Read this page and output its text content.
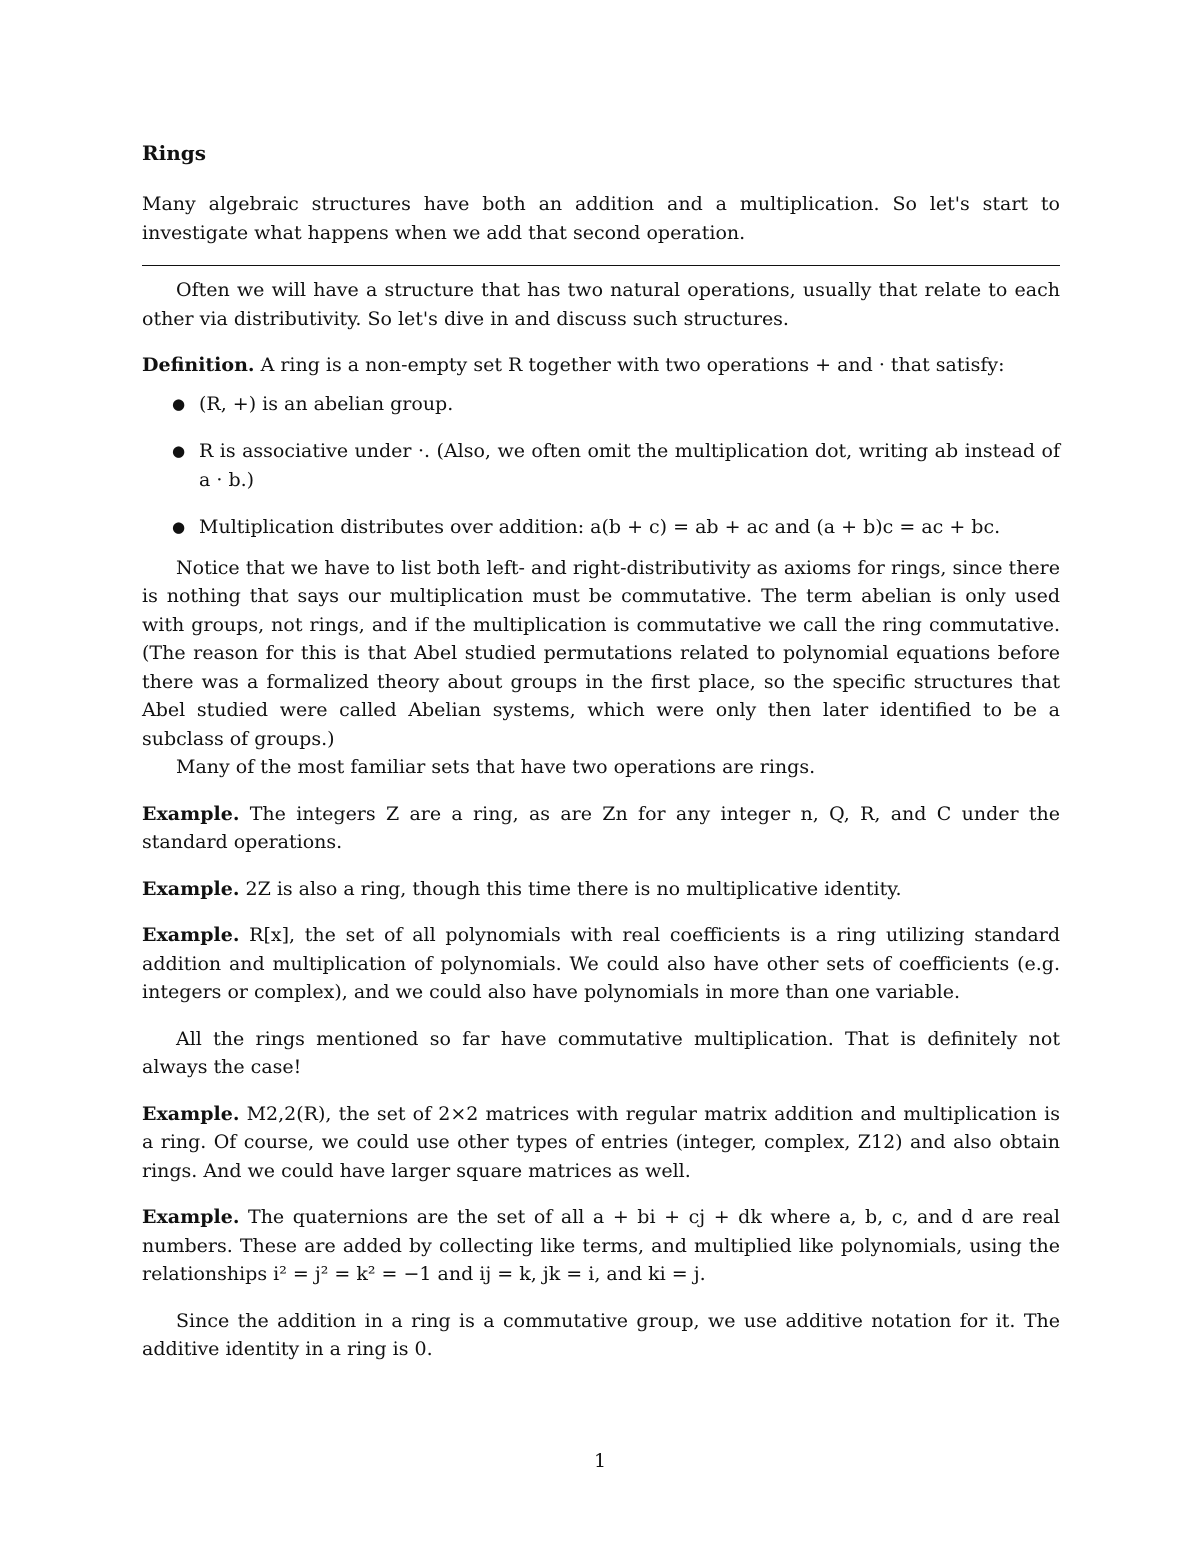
Rings

Many algebraic structures have both an addition and a multiplication. So let's start to investigate what happens when we add that second operation.

Often we will have a structure that has two natural operations, usually that relate to each other via distributivity. So let's dive in and discuss such structures.

Definition. A ring is a non-empty set R together with two operations + and · that satisfy:

● (R, +) is an abelian group.
● R is associative under ·. (Also, we often omit the multiplication dot, writing ab instead of a · b.)
● Multiplication distributes over addition: a(b + c) = ab + ac and (a + b)c = ac + bc.

Notice that we have to list both left- and right-distributivity as axioms for rings, since there is nothing that says our multiplication must be commutative. The term abelian is only used with groups, not rings, and if the multiplication is commutative we call the ring commutative. (The reason for this is that Abel studied permutations related to polynomial equations before there was a formalized theory about groups in the first place, so the specific structures that Abel studied were called Abelian systems, which were only then later identified to be a subclass of groups.)

Many of the most familiar sets that have two operations are rings.

Example. The integers Z are a ring, as are Zn for any integer n, Q, R, and C under the standard operations.

Example. 2Z is also a ring, though this time there is no multiplicative identity.

Example. R[x], the set of all polynomials with real coefficients is a ring utilizing standard addition and multiplication of polynomials. We could also have other sets of coefficients (e.g. integers or complex), and we could also have polynomials in more than one variable.

All the rings mentioned so far have commutative multiplication. That is definitely not always the case!

Example. M2,2(R), the set of 2×2 matrices with regular matrix addition and multiplication is a ring. Of course, we could use other types of entries (integer, complex, Z12) and also obtain rings. And we could have larger square matrices as well.

Example. The quaternions are the set of all a + bi + cj + dk where a, b, c, and d are real numbers. These are added by collecting like terms, and multiplied like polynomials, using the relationships i² = j² = k² = −1 and ij = k, jk = i, and ki = j.

Since the addition in a ring is a commutative group, we use additive notation for it. The additive identity in a ring is 0.

1
